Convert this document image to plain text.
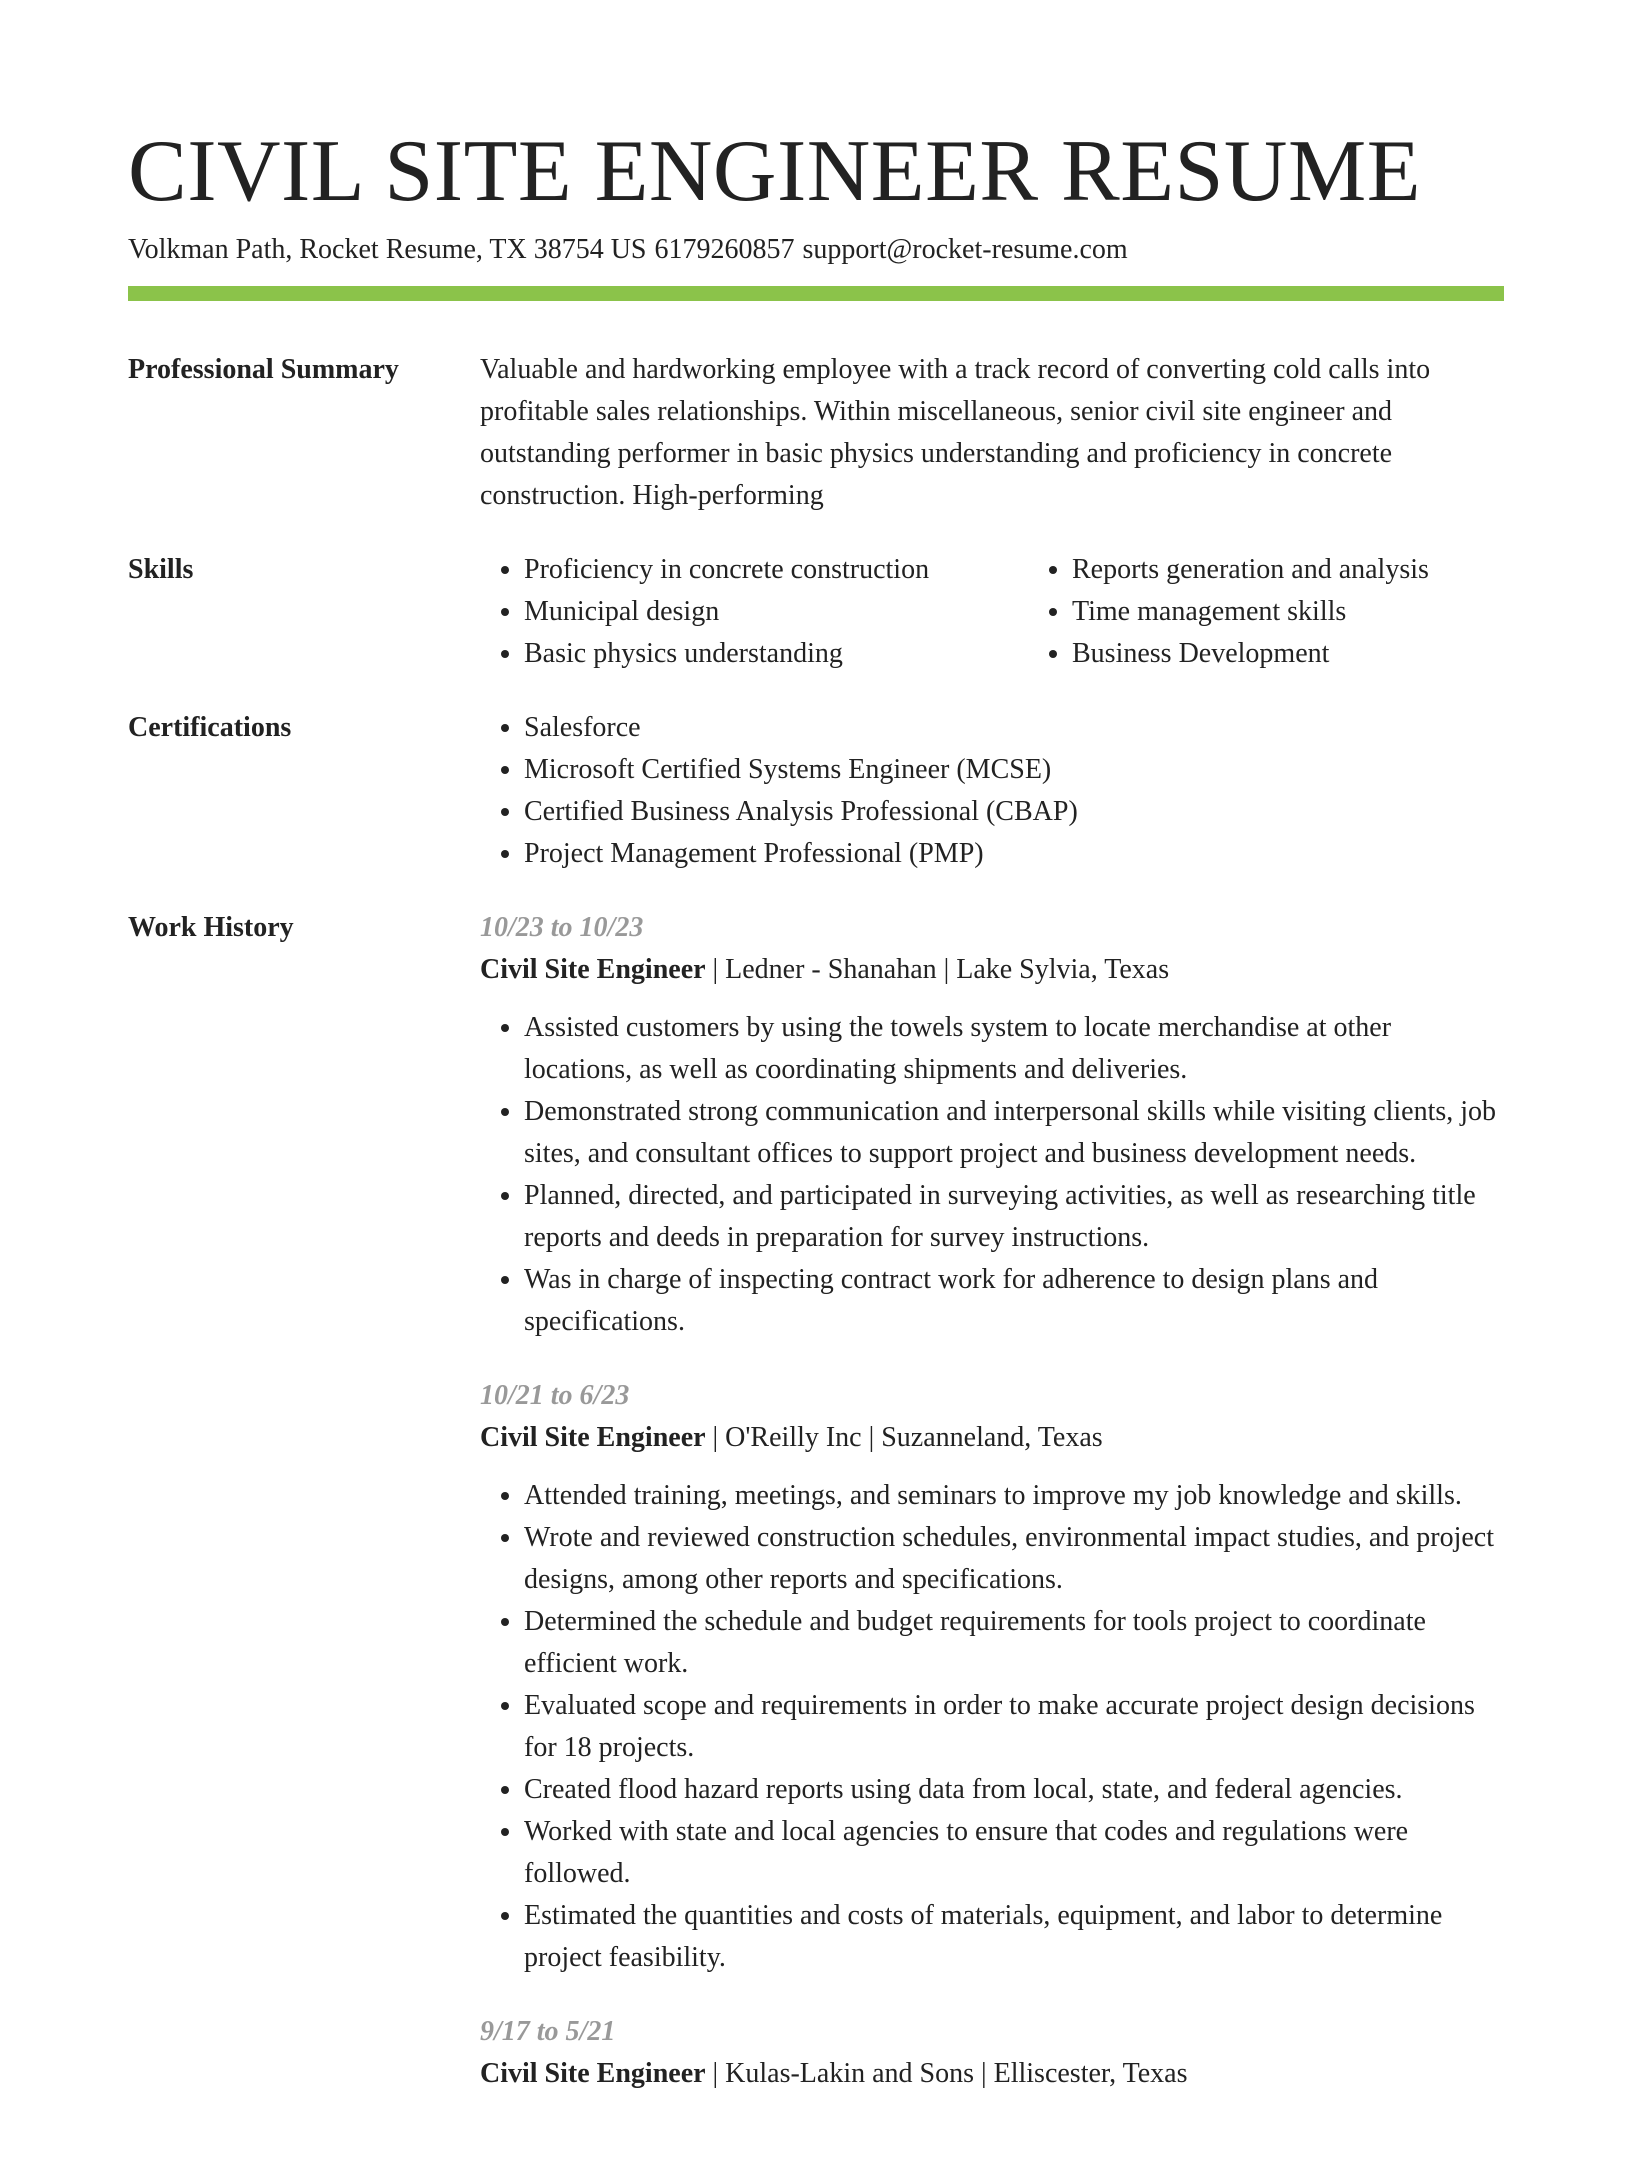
CIVIL SITE ENGINEER RESUME
Volkman Path, Rocket Resume, TX 38754 US 6179260857 support@rocket-resume.com
Professional Summary	Valuable and hardworking employee with a track record of converting cold calls into profitable sales relationships. Within miscellaneous, senior civil site engineer and outstanding performer in basic physics understanding and proficiency in concrete construction. High-performing

Skills	• Proficiency in concrete construction
• Municipal design
• Basic physics understanding
• Reports generation and analysis
• Time management skills
• Business Development
Certifications	• Salesforce
• Microsoft Certified Systems Engineer (MCSE)
• Certified Business Analysis Professional (CBAP)
• Project Management Professional (PMP)
Work History	10/23 to 10/23
Civil Site Engineer | Ledner - Shanahan | Lake Sylvia, Texas
• Assisted customers by using the towels system to locate merchandise at other locations, as well as coordinating shipments and deliveries.
• Demonstrated strong communication and interpersonal skills while visiting clients, job sites, and consultant offices to support project and business development needs.
• Planned, directed, and participated in surveying activities, as well as researching title reports and deeds in preparation for survey instructions.
• Was in charge of inspecting contract work for adherence to design plans and specifications.
10/21 to 6/23
Civil Site Engineer | O'Reilly Inc | Suzanneland, Texas
• Attended training, meetings, and seminars to improve my job knowledge and skills.
• Wrote and reviewed construction schedules, environmental impact studies, and project designs, among other reports and specifications.
• Determined the schedule and budget requirements for tools project to coordinate efficient work.
• Evaluated scope and requirements in order to make accurate project design decisions for 18 projects.
• Created flood hazard reports using data from local, state, and federal agencies.
• Worked with state and local agencies to ensure that codes and regulations were followed.
• Estimated the quantities and costs of materials, equipment, and labor to determine project feasibility.
9/17 to 5/21
Civil Site Engineer | Kulas-Lakin and Sons | Elliscester, Texas
